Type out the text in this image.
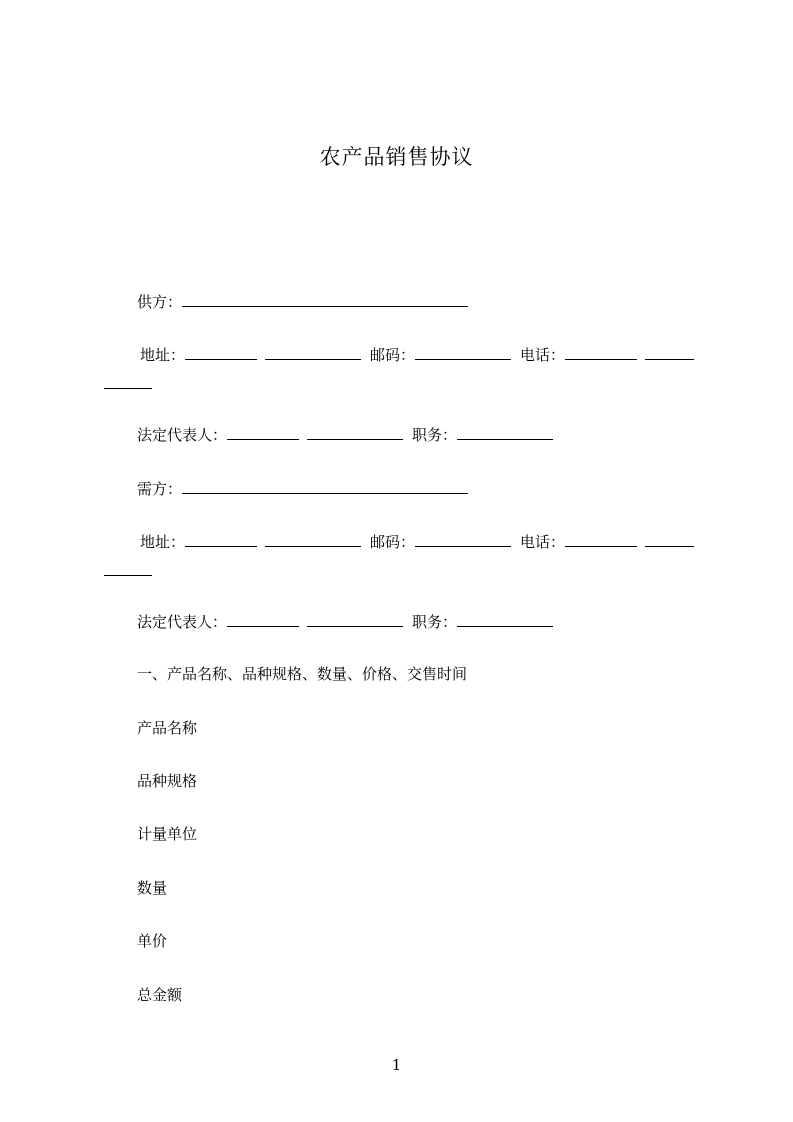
农产品销售协议
供方：
地址：	邮码：	电话：
法定代表人：	职务：
需方：
地址：	邮码：	电话：
法定代表人：	职务：
一、产品名称、品种规格、数量、价格、交售时间
产品名称
品种规格
计量单位
数量
单价
总金额
1
